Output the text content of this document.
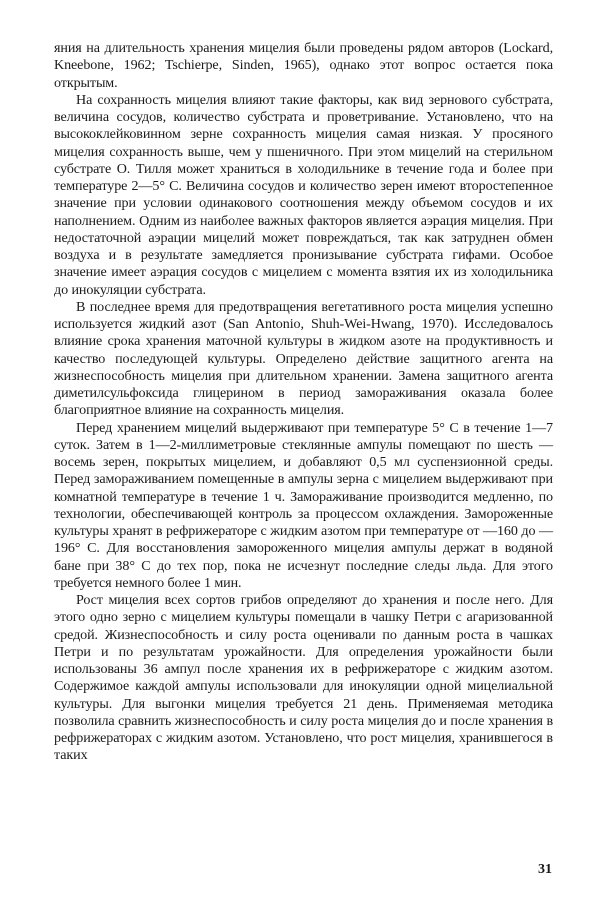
яния на длительность хранения мицелия были проведены рядом авторов (Lockard, Kneebone, 1962; Tschierpe, Sinden, 1965), однако этот вопрос остается пока открытым.

На сохранность мицелия влияют такие факторы, как вид зернового субстрата, величина сосудов, количество субстрата и проветривание. Установлено, что на высококлейковинном зерне сохранность мицелия самая низкая. У просяного мицелия сохранность выше, чем у пшеничного. При этом мицелий на стерильном субстрате О. Тилля может храниться в холодильнике в течение года и более при температуре 2—5° С. Величина сосудов и количество зерен имеют второстепенное значение при условии одинакового соотношения между объемом сосудов и их наполнением. Одним из наиболее важных факторов является аэрация мицелия. При недостаточной аэрации мицелий может повреждаться, так как затруднен обмен воздуха и в результате замедляется пронизывание субстрата гифами. Особое значение имеет аэрация сосудов с мицелием с момента взятия их из холодильника до инокуляции субстрата.

В последнее время для предотвращения вегетативного роста мицелия успешно используется жидкий азот (San Antonio, Shuh-Wei-Hwang, 1970). Исследовалось влияние срока хранения маточной культуры в жидком азоте на продуктивность и качество последующей культуры. Определено действие защитного агента на жизнеспособность мицелия при длительном хранении. Замена защитного агента диметилсульфоксида глицерином в период замораживания оказала более благоприятное влияние на сохранность мицелия.

Перед хранением мицелий выдерживают при температуре 5° С в течение 1—7 суток. Затем в 1—2-миллиметровые стеклянные ампулы помещают по шесть — восемь зерен, покрытых мицелием, и добавляют 0,5 мл суспензионной среды. Перед замораживанием помещенные в ампулы зерна с мицелием выдерживают при комнатной температуре в течение 1 ч. Замораживание производится медленно, по технологии, обеспечивающей контроль за процессом охлаждения. Замороженные культуры хранят в рефрижераторе с жидким азотом при температуре от —160 до —196° С. Для восстановления замороженного мицелия ампулы держат в водяной бане при 38° С до тех пор, пока не исчезнут последние следы льда. Для этого требуется немного более 1 мин.

Рост мицелия всех сортов грибов определяют до хранения и после него. Для этого одно зерно с мицелием культуры помещали в чашку Петри с агаризованной средой. Жизнеспособность и силу роста оценивали по данным роста в чашках Петри и по результатам урожайности. Для определения урожайности были использованы 36 ампул после хранения их в рефрижераторе с жидким азотом. Содержимое каждой ампулы использовали для инокуляции одной мицелиальной культуры. Для выгонки мицелия требуется 21 день. Применяемая методика позволила сравнить жизнеспособность и силу роста мицелия до и после хранения в рефрижераторах с жидким азотом. Установлено, что рост мицелия, хранившегося в таких

31
